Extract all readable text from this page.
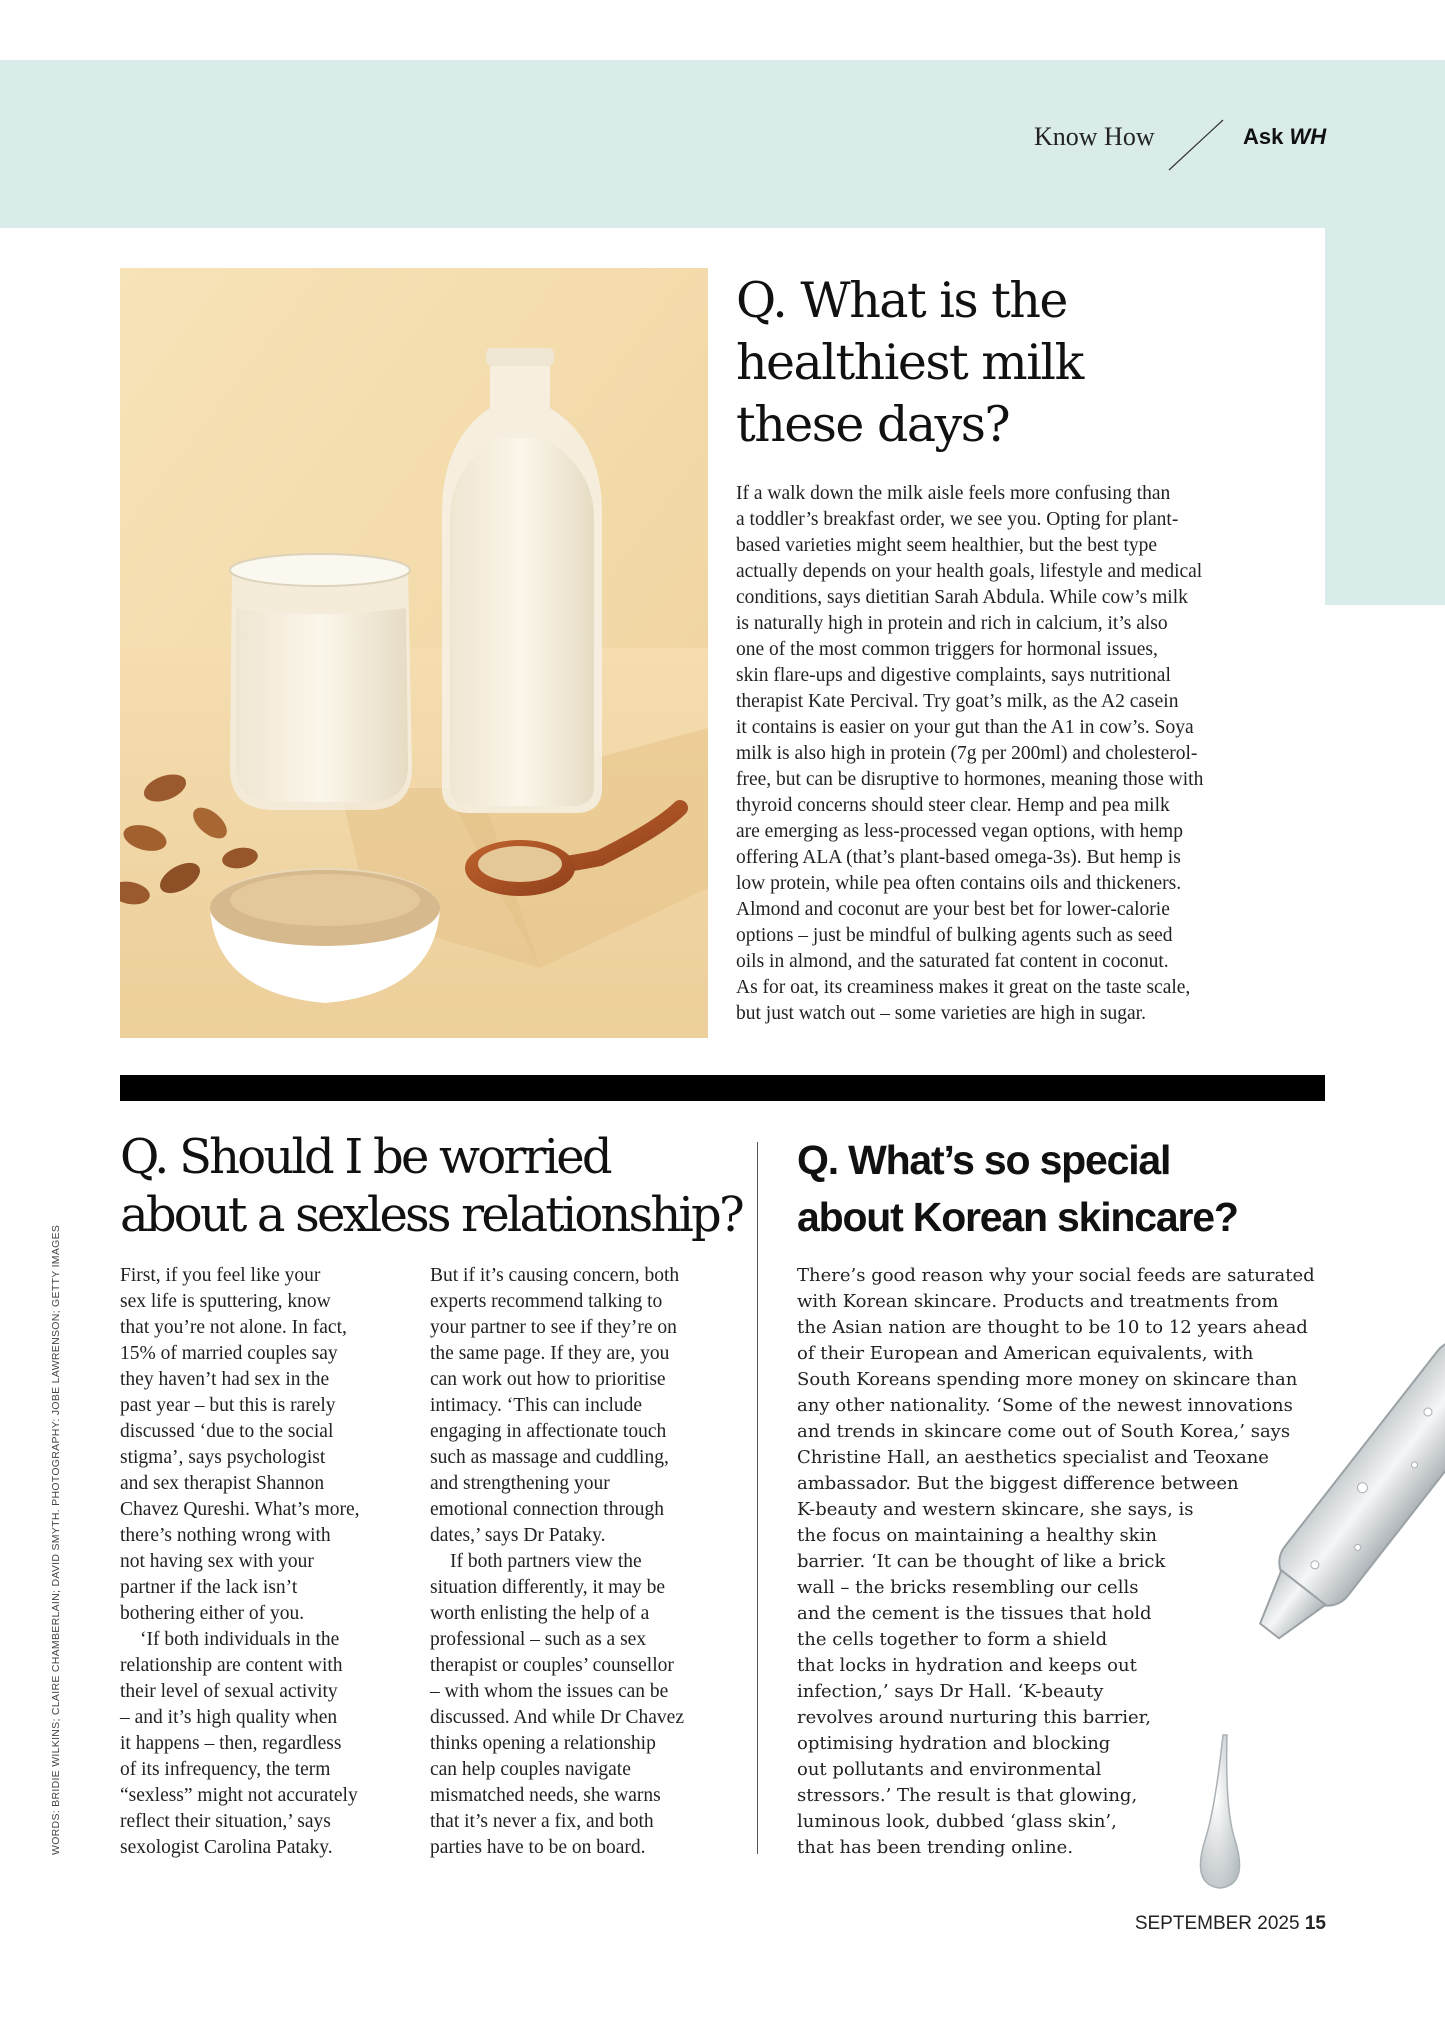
Know How	Ask WH
Q. What is the
healthiest milk
these days?
If a walk down the milk aisle feels more confusing than
a toddler’s breakfast order, we see you. Opting for plant-
based varieties might seem healthier, but the best type
actually depends on your health goals, lifestyle and medical
conditions, says dietitian Sarah Abdula. While cow’s milk
is naturally high in protein and rich in calcium, it’s also
one of the most common triggers for hormonal issues,
skin flare-ups and digestive complaints, says nutritional
therapist Kate Percival. Try goat’s milk, as the A2 casein
it contains is easier on your gut than the A1 in cow’s. Soya
milk is also high in protein (7g per 200ml) and cholesterol-
free, but can be disruptive to hormones, meaning those with
thyroid concerns should steer clear. Hemp and pea milk
are emerging as less-processed vegan options, with hemp
offering ALA (that’s plant-based omega-3s). But hemp is
low protein, while pea often contains oils and thickeners.
Almond and coconut are your best bet for lower-calorie
options – just be mindful of bulking agents such as seed
oils in almond, and the saturated fat content in coconut.
As for oat, its creaminess makes it great on the taste scale,
but just watch out – some varieties are high in sugar.
Q. Should I be worried
about a sexless relationship?

First, if you feel like your
sex life is sputtering, know
that you’re not alone. In fact,
15% of married couples say
they haven’t had sex in the
past year – but this is rarely
discussed ‘due to the social
stigma’, says psychologist
and sex therapist Shannon
Chavez Qureshi. What’s more,
there’s nothing wrong with
not having sex with your
partner if the lack isn’t
bothering either of you.

‘If both individuals in the
relationship are content with
their level of sexual activity
– and it’s high quality when
it happens – then, regardless
of its infrequency, the term
“sexless” might not accurately
reflect their situation,’ says
sexologist Carolina Pataky.

But if it’s causing concern, both
experts recommend talking to
your partner to see if they’re on
the same page. If they are, you
can work out how to prioritise
intimacy. ‘This can include
engaging in affectionate touch
such as massage and cuddling,
and strengthening your
emotional connection through
dates,’ says Dr Pataky.

If both partners view the
situation differently, it may be
worth enlisting the help of a
professional – such as a sex
therapist or couples’ counsellor
– with whom the issues can be
discussed. And while Dr Chavez
thinks opening a relationship
can help couples navigate
mismatched needs, she warns
that it’s never a fix, and both
parties have to be on board.

Q. What’s so special
about Korean skincare?
There’s good reason why your social feeds are saturated
with Korean skincare. Products and treatments from
the Asian nation are thought to be 10 to 12 years ahead
of their European and American equivalents, with
South Koreans spending more money on skincare than
any other nationality. ‘Some of the newest innovations
and trends in skincare come out of South Korea,’ says
Christine Hall, an aesthetics specialist and Teoxane
ambassador. But the biggest difference between
K-beauty and western skincare, she says, is
the focus on maintaining a healthy skin
barrier. ‘It can be thought of like a brick
wall – the bricks resembling our cells
and the cement is the tissues that hold
the cells together to form a shield
that locks in hydration and keeps out
infection,’ says Dr Hall. ‘K-beauty
revolves around nurturing this barrier,
optimising hydration and blocking
out pollutants and environmental
stressors.’ The result is that glowing,
luminous look, dubbed ‘glass skin’,
that has been trending online.
WORDS: BRIDIE WILKINS; CLAIRE CHAMBERLAIN; DAVID SMYTH. PHOTOGRAPHY: JOBE LAWRENSON; GETTY IMAGES
SEPTEMBER 2025 15
